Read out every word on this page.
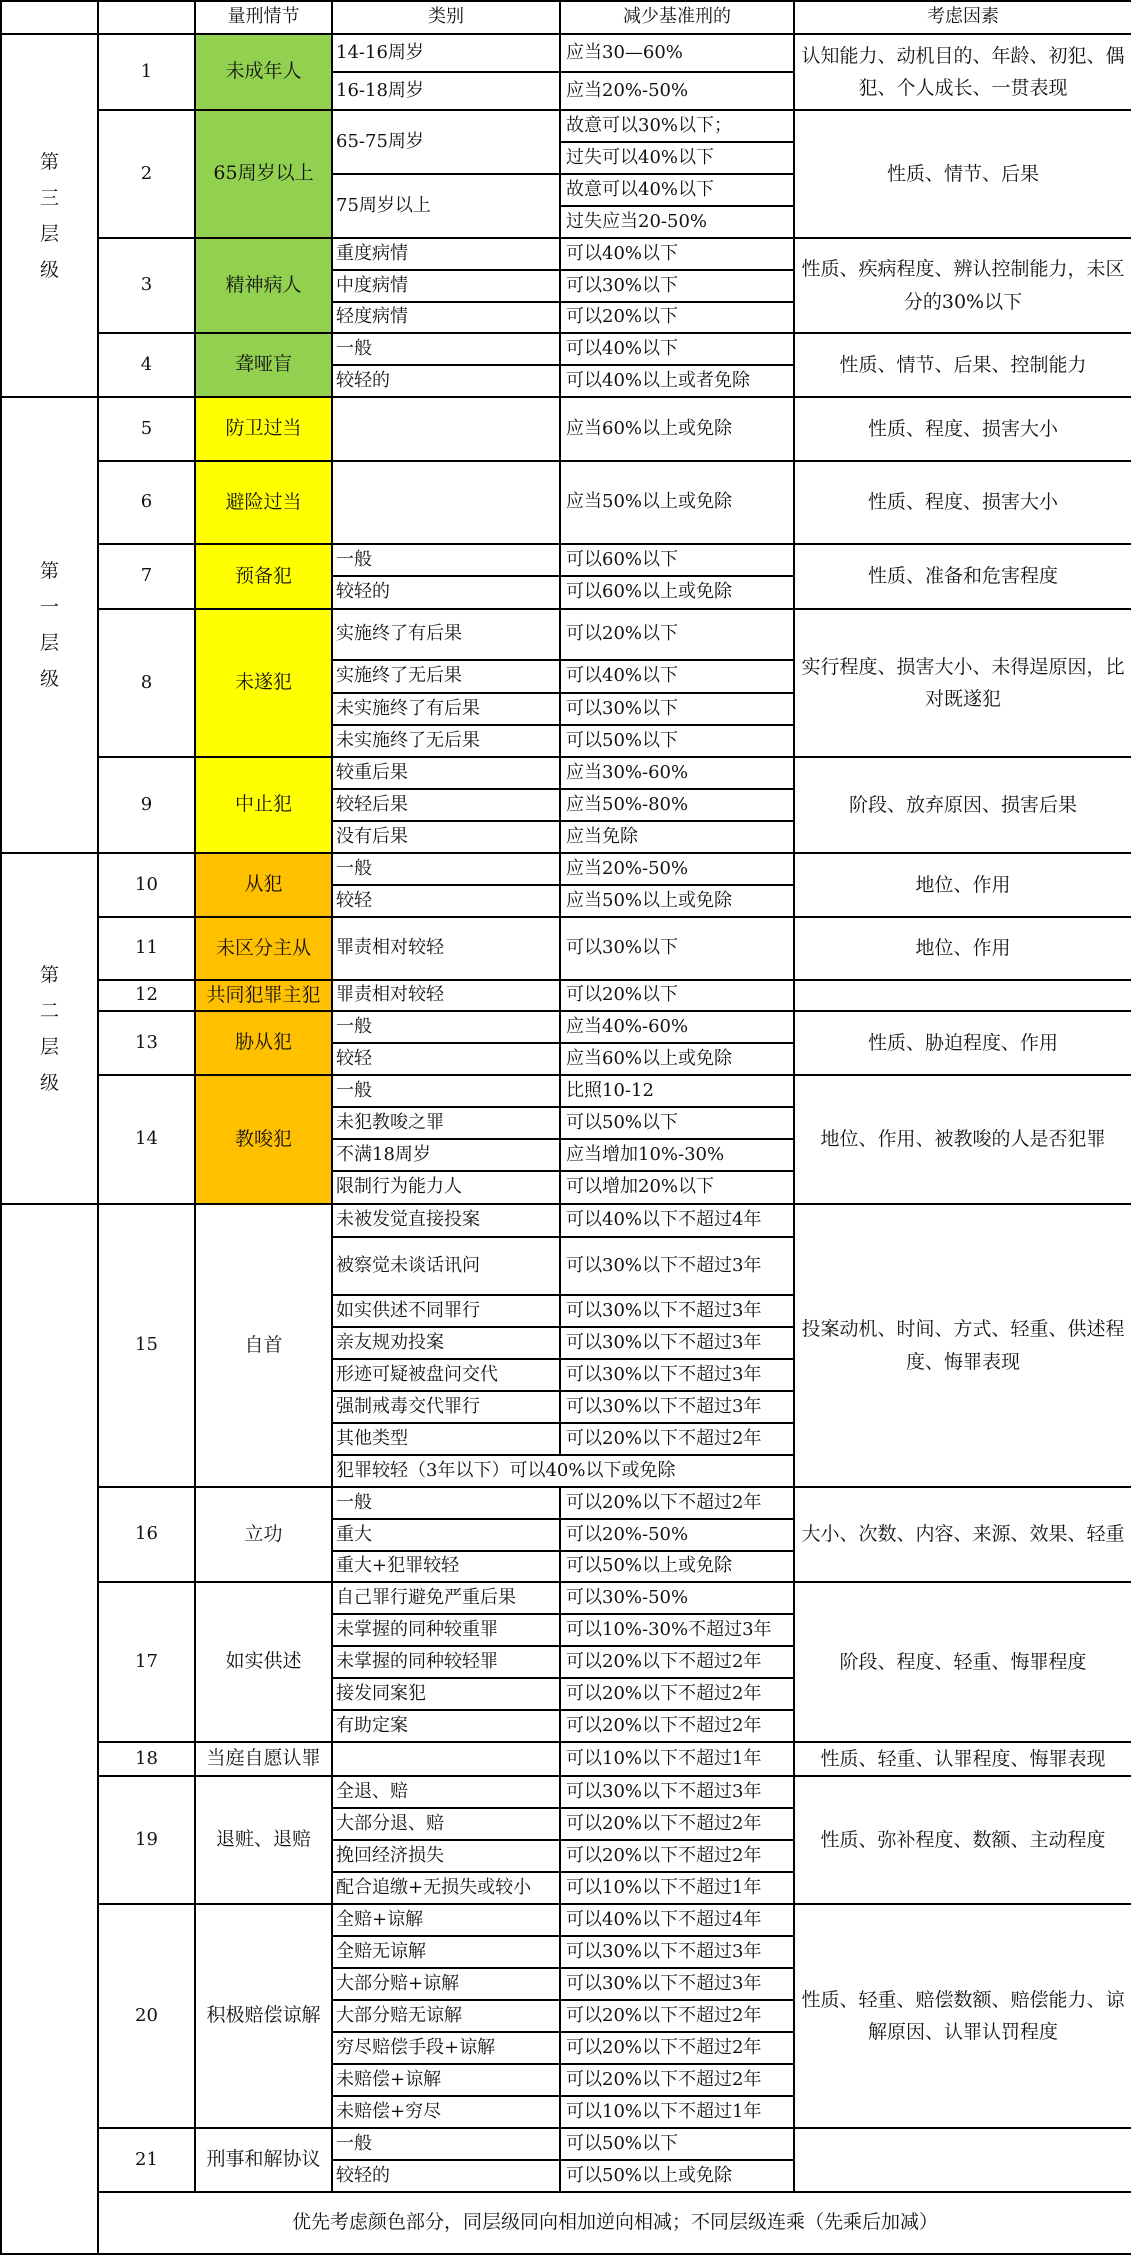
		量刑情节	类别	减少基准刑的	考虑因素

第三层级	1	未成年人	14-16周岁	应当30—60%	认知能力、动机目的、年龄、初犯、偶犯、个人成长、一贯表现
			16-18周岁	应当20%-50%	
	2	65周岁以上	65-75周岁	故意可以30%以下；	性质、情节、后果
				过失可以40%以下	
			75周岁以上	故意可以40%以下	
				过失应当20-50%	
	3	精神病人	重度病情	可以40%以下	性质、疾病程度、辨认控制能力，未区分的30%以下
			中度病情	可以30%以下	
			轻度病情	可以20%以下	
	4	聋哑盲	一般	可以40%以下	性质、情节、后果、控制能力
			较轻的	可以40%以上或者免除	

第一层级	5	防卫过当		应当60%以上或免除	性质、程度、损害大小
	6	避险过当		应当50%以上或免除	性质、程度、损害大小
	7	预备犯	一般	可以60%以下	性质、准备和危害程度
			较轻的	可以60%以上或免除	
	8	未遂犯	实施终了有后果	可以20%以下	实行程度、损害大小、未得逞原因，比对既遂犯
			实施终了无后果	可以40%以下	
			未实施终了有后果	可以30%以下	
			未实施终了无后果	可以50%以下	
	9	中止犯	较重后果	应当30%-60%	阶段、放弃原因、损害后果
			较轻后果	应当50%-80%	
			没有后果	应当免除	

第二层级	10	从犯	一般	应当20%-50%	地位、作用
			较轻	应当50%以上或免除	
	11	未区分主从	罪责相对较轻	可以30%以下	地位、作用
	12	共同犯罪主犯	罪责相对较轻	可以20%以下	
	13	胁从犯	一般	应当40%-60%	性质、胁迫程度、作用
			较轻	应当60%以上或免除	
	14	教唆犯	一般	比照10-12	地位、作用、被教唆的人是否犯罪
			未犯教唆之罪	可以50%以下	
			不满18周岁	应当增加10%-30%	
			限制行为能力人	可以增加20%以下	

	15	自首	未被发觉直接投案	可以40%以下不超过4年	投案动机、时间、方式、轻重、供述程度、悔罪表现
			被察觉未谈话讯问	可以30%以下不超过3年	
			如实供述不同罪行	可以30%以下不超过3年	
			亲友规劝投案	可以30%以下不超过3年	
			形迹可疑被盘问交代	可以30%以下不超过3年	
			强制戒毒交代罪行	可以30%以下不超过3年	
			其他类型	可以20%以下不超过2年	
			犯罪较轻（3年以下）可以40%以下或免除		
	16	立功	一般	可以20%以下不超过2年	大小、次数、内容、来源、效果、轻重
			重大	可以20%-50%	
			重大+犯罪较轻	可以50%以上或免除	
	17	如实供述	自己罪行避免严重后果	可以30%-50%	阶段、程度、轻重、悔罪程度
			未掌握的同种较重罪	可以10%-30%不超过3年	
			未掌握的同种较轻罪	可以20%以下不超过2年	
			接发同案犯	可以20%以下不超过2年	
			有助定案	可以20%以下不超过2年	
	18	当庭自愿认罪		可以10%以下不超过1年	性质、轻重、认罪程度、悔罪表现
	19	退赃、退赔	全退、赔	可以30%以下不超过3年	性质、弥补程度、数额、主动程度
			大部分退、赔	可以20%以下不超过2年	
			挽回经济损失	可以20%以下不超过2年	
			配合追缴+无损失或较小	可以10%以下不超过1年	
	20	积极赔偿谅解	全赔+谅解	可以40%以下不超过4年	性质、轻重、赔偿数额、赔偿能力、谅解原因、认罪认罚程度
			全赔无谅解	可以30%以下不超过3年	
			大部分赔+谅解	可以30%以下不超过3年	
			大部分赔无谅解	可以20%以下不超过2年	
			穷尽赔偿手段+谅解	可以20%以下不超过2年	
			未赔偿+谅解	可以20%以下不超过2年	
			未赔偿+穷尽	可以10%以下不超过1年	
	21	刑事和解协议	一般	可以50%以下	
			较轻的	可以50%以上或免除	
	优先考虑颜色部分，同层级同向相加逆向相减；不同层级连乘（先乘后加减）				
